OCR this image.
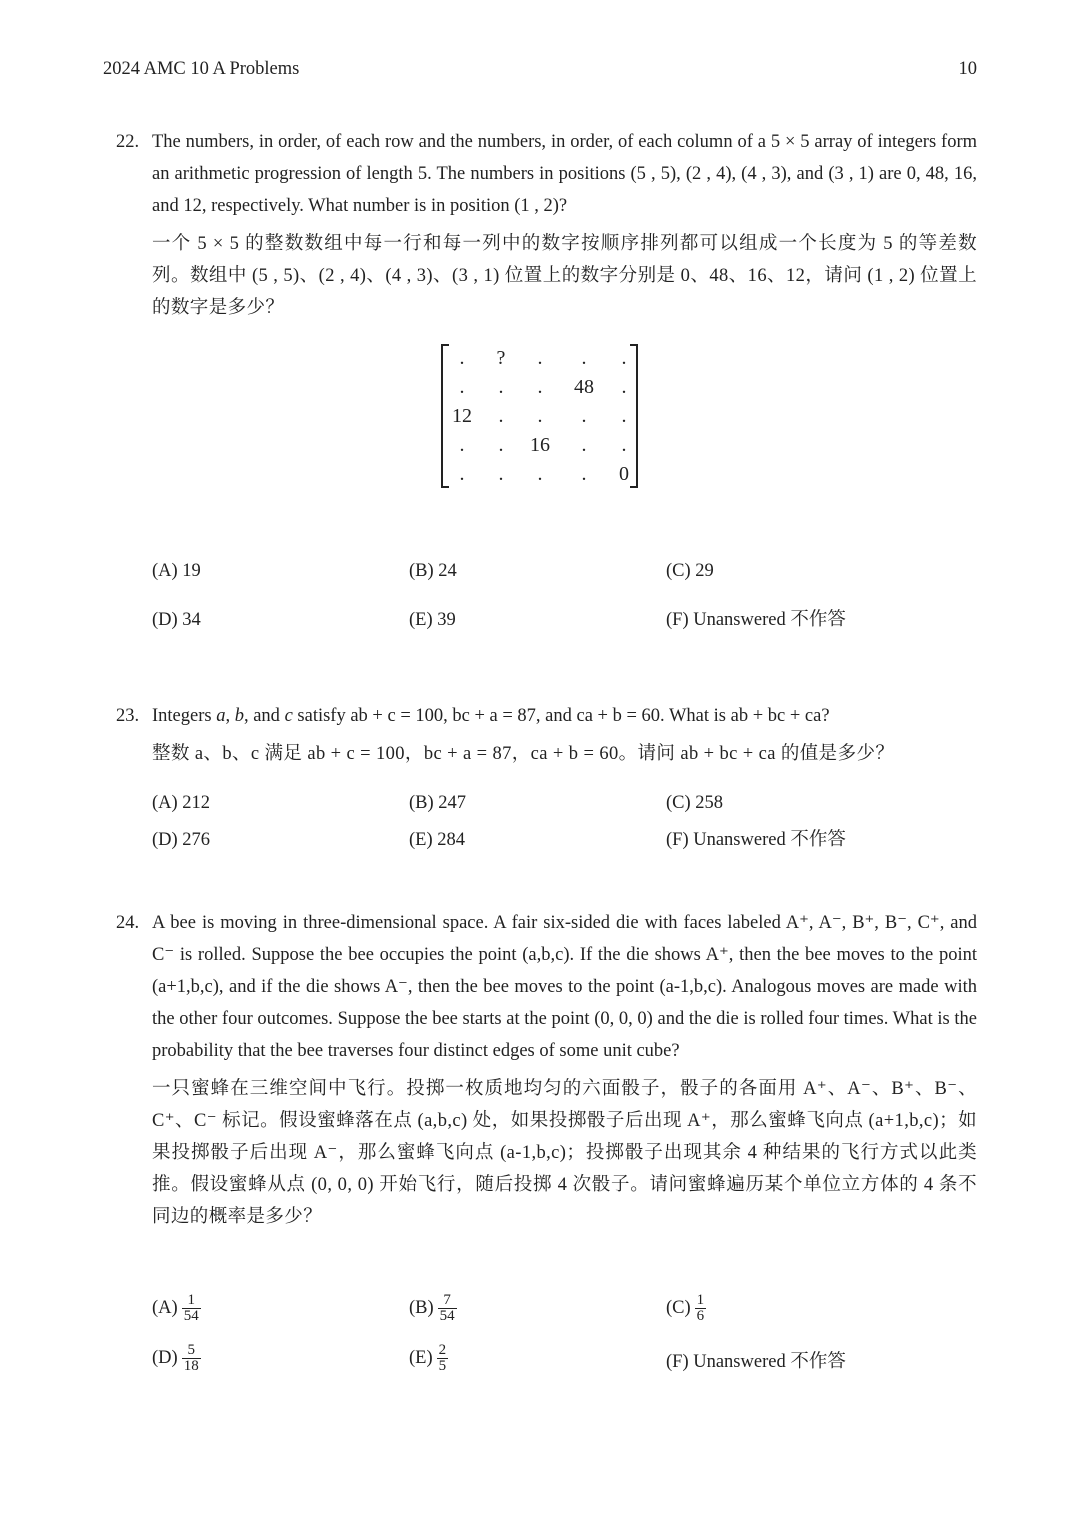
2024 AMC 10 A Problems	10
22. The numbers, in order, of each row and the numbers, in order, of each column of a 5 × 5 array of integers form an arithmetic progression of length 5. The numbers in positions (5 , 5), (2 , 4), (4 , 3), and (3 , 1) are 0, 48, 16, and 12, respectively. What number is in position (1 , 2)?

一个 5 × 5 的整数数组中每一行和每一列中的数字按顺序排列都可以组成一个长度为 5 的等差数列。数组中 (5 , 5)、(2 , 4)、(4 , 3)、(3 , 1) 位置上的数字分别是 0、48、16、12，请问 (1 , 2) 位置上的数字是多少？

.	?	.	.	.
.	.	.	48	.
12	.	.	.	.
.	.	16	.	.
.	.	.	.	0
(A) 19	(B) 24	(C) 29
(D) 34	(E) 39	(F) Unanswered 不作答
23. Integers a, b, and c satisfy ab + c = 100, bc + a = 87, and ca + b = 60. What is ab + bc + ca?

整数 a、b、c 满足 ab + c = 100，bc + a = 87，ca + b = 60。请问 ab + bc + ca 的值是多少？

(A) 212	(B) 247	(C) 258
(D) 276	(E) 284	(F) Unanswered 不作答
24. A bee is moving in three-dimensional space. A fair six-sided die with faces labeled A⁺, A⁻, B⁺, B⁻, C⁺, and C⁻ is rolled. Suppose the bee occupies the point (a,b,c). If the die shows A⁺, then the bee moves to the point (a+1,b,c), and if the die shows A⁻, then the bee moves to the point (a-1,b,c). Analogous moves are made with the other four outcomes. Suppose the bee starts at the point (0, 0, 0) and the die is rolled four times. What is the probability that the bee traverses four distinct edges of some unit cube?

一只蜜蜂在三维空间中飞行。投掷一枚质地均匀的六面骰子，骰子的各面用 A⁺、A⁻、B⁺、B⁻、C⁺、C⁻ 标记。假设蜜蜂落在点 (a,b,c) 处，如果投掷骰子后出现 A⁺，那么蜜蜂飞向点 (a+1,b,c)；如果投掷骰子后出现 A⁻，那么蜜蜂飞向点 (a-1,b,c)；投掷骰子出现其余 4 种结果的飞行方式以此类推。假设蜜蜂从点 (0, 0, 0) 开始飞行，随后投掷 4 次骰子。请问蜜蜂遍历某个单位立方体的 4 条不同边的概率是多少？

$(A) \frac{1}{54}$	$(B) \frac{7}{54}$	$(C) \frac{1}{6}$
$(D) \frac{5}{18}$	$(E) \frac{2}{5}$	(F) Unanswered 不作答
